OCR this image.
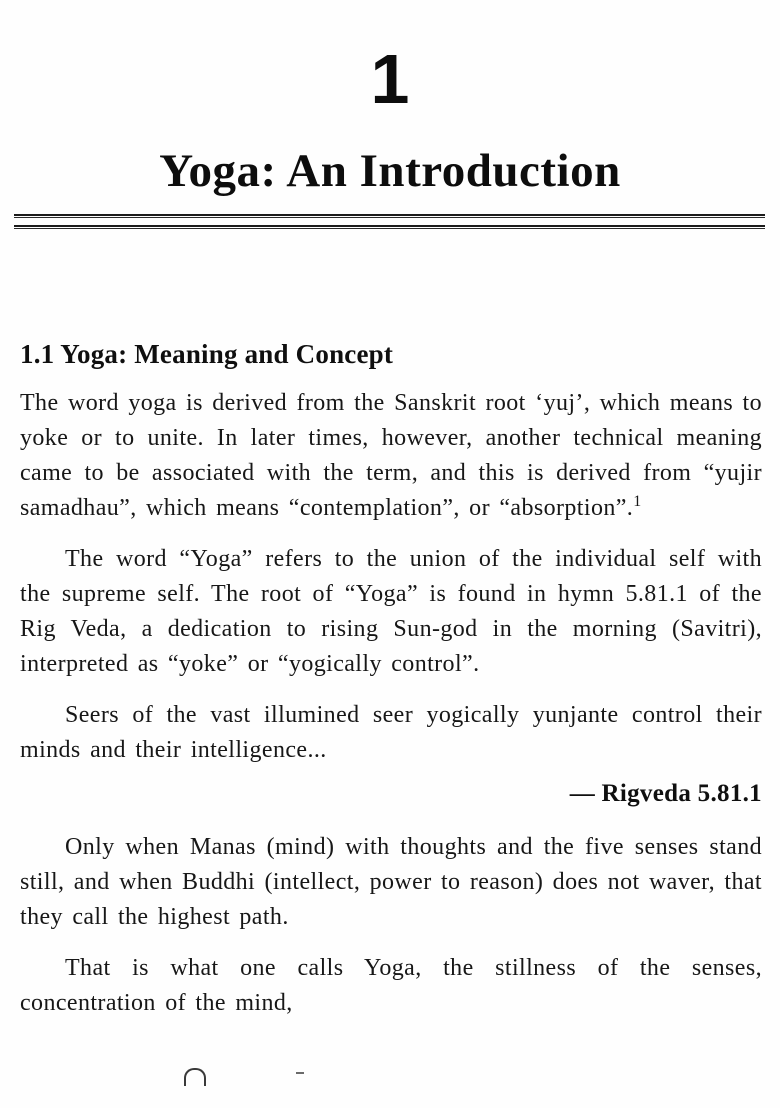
1
Yoga: An Introduction
1.1 Yoga: Meaning and Concept

The word yoga is derived from the Sanskrit root ‘yuj’, which means to yoke or to unite. In later times, however, another technical meaning came to be associated with the term, and this is derived from “yujir samadhau”, which means “contemplation”, or “absorption”.$^1$

The word “Yoga” refers to the union of the individual self with the supreme self. The root of “Yoga” is found in hymn 5.81.1 of the Rig Veda, a dedication to rising Sun-god in the morning (Savitri), interpreted as “yoke” or “yogically control”.

Seers of the vast illumined seer yogically yunjante control their minds and their intelligence...

— Rigveda 5.81.1

Only when Manas (mind) with thoughts and the five senses stand still, and when Buddhi (intellect, power to reason) does not waver, that they call the highest path.

That is what one calls Yoga, the stillness of the senses, concentration of the mind,
